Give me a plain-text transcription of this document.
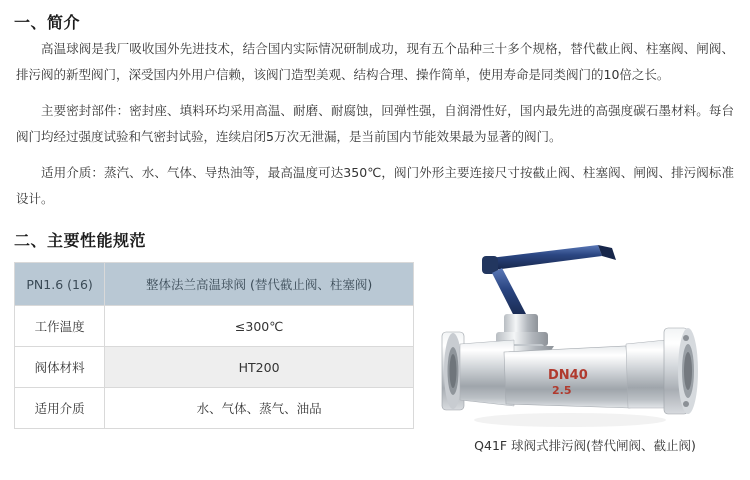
一、简介

高温球阀是我厂吸收国外先进技术，结合国内实际情况研制成功，现有五个品种三十多个规格，替代截止阀、柱塞阀、闸阀、排污阀的新型阀门，深受国内外用户信赖，该阀门造型美观、结构合理、操作简单，使用寿命是同类阀门的10倍之长。

主要密封部件：密封座、填料环均采用高温、耐磨、耐腐蚀，回弹性强，自润滑性好，国内最先进的高强度碳石墨材料。每台阀门均经过强度试验和气密封试验，连续启闭5万次无泄漏，是当前国内节能效果最为显著的阀门。

适用介质：蒸汽、水、气体、导热油等，最高温度可达350℃，阀门外形主要连接尺寸按截止阀、柱塞阀、闸阀、排污阀标准设计。

二、主要性能规范
PN1.6 (16)	整体法兰高温球阀 (替代截止阀、柱塞阀)
工作温度	≤300℃
阀体材料	HT200
适用介质	水、气体、蒸气、油品
DN40
2.5
Q41F 球阀式排污阀(替代闸阀、截止阀)
